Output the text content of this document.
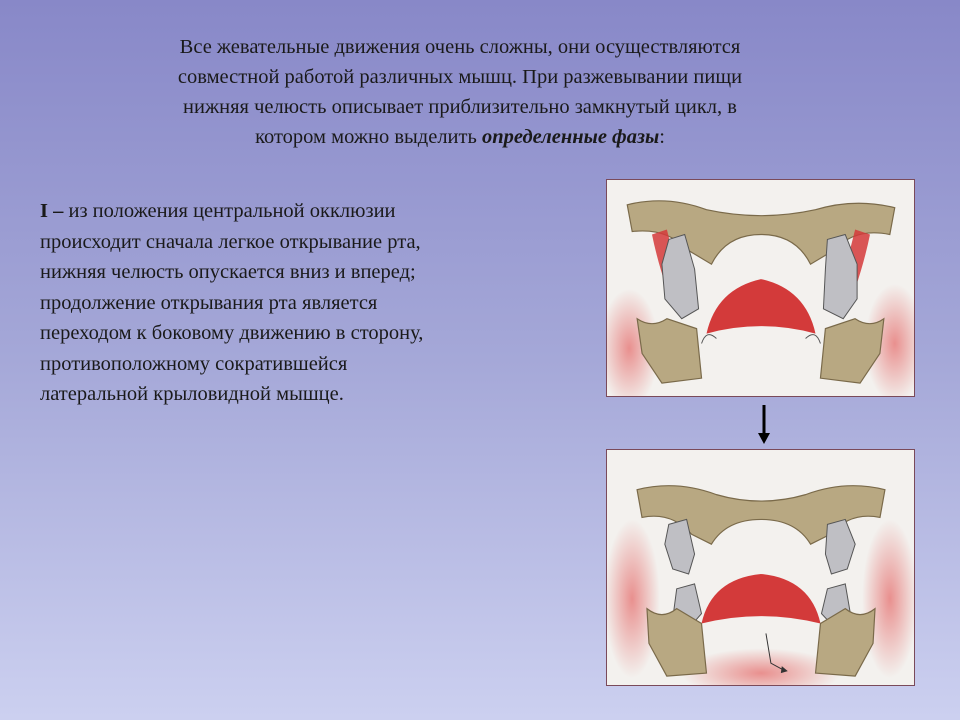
Все жевательные движения очень сложны, они осуществляются
совместной работой различных мышц. При разжевывании пищи
нижняя челюсть описывает приблизительно замкнутый цикл, в
котором можно выделить определенные фазы:

I – из положения центральной окклюзии
происходит сначала легкое открывание рта,
нижняя челюсть опускается вниз и вперед;
продолжение открывания рта является
переходом к боковому движению в сторону,
противоположному сократившейся
латеральной крыловидной мышце.
